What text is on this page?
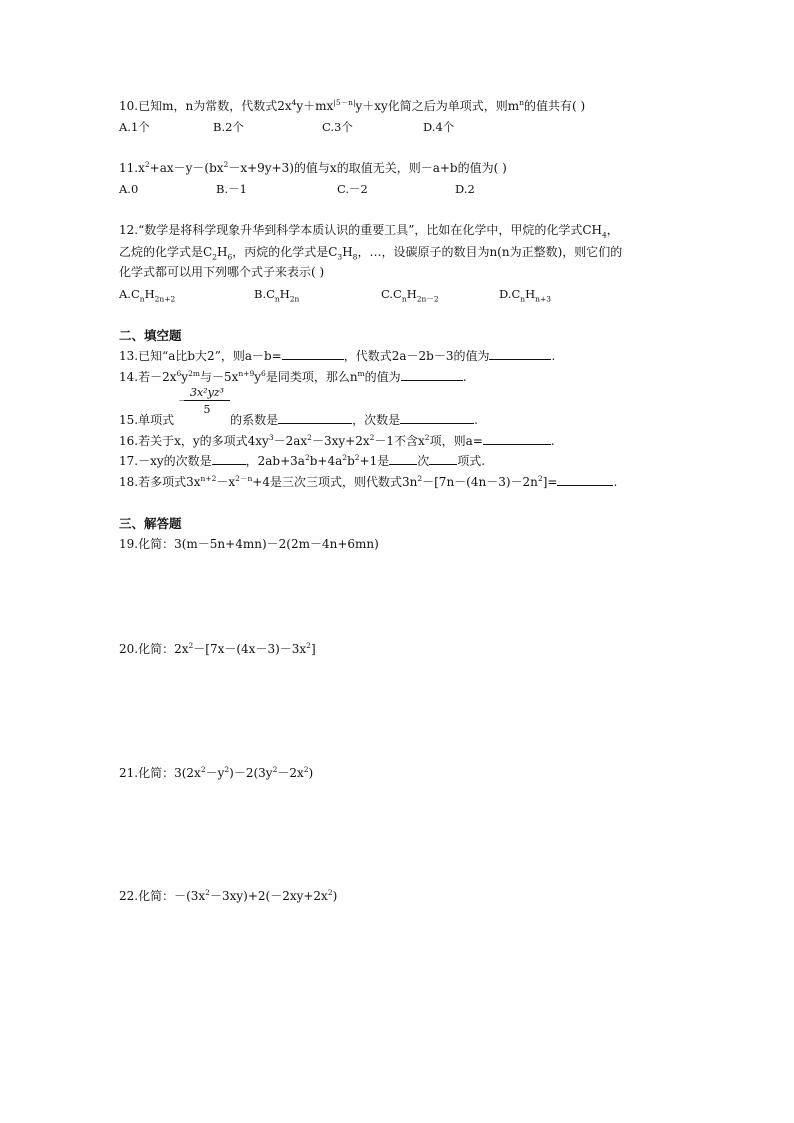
10.已知m，n为常数，代数式$2x^4y+mx^{|5-n|}y+xy$化简之后为单项式，则$m^n$的值共有( )
A.1个	B.2个	C.3个	D.4个
$11.x^2+ax-y-(bx^2-x+9y+3)$的值与x的取值无关，则－a+b的值为( )
A.0	B.－1	C.－2	D.2
12.“数学是将科学现象升华到科学本质认识的重要工具”，比如在化学中，甲烷的化学式$CH_4$，
乙烷的化学式是$C_2H_6$，丙烷的化学式是$C_3H_8$，…，设碳原子的数目为n(n为正整数)，则它们的
化学式都可以用下列哪个式子来表示( )
$A.C_nH_{2n+2}$	$B.C_nH_{2n}$	$C.C_nH_{2n-2}$	$D.C_nH_{n+3}$
二、填空题
13.已知“a比b大2”，则a－b=	，代数式2a－2b－3的值为	.
14.若$-2x^6y^{2m}$与$-5x^{n+9}y^6$是同类项，那么$n^m$的值为	.
－
$\frac{\text{3x²yz³}}{5}$
15.单项式	的系数是	，次数是	.
16.若关于x，y的多项式$4xy^3-2ax^2-3xy+2x^2-1$不含$x^2$项，则a=	.
17.－xy的次数是	，$2ab+3a^2b+4a^2b^2+1$是 次 项式.
18.若多项式$3x^{n+2}-x^{2-n}+4$是三次三项式，则代数式$3n^2-[7n-(4n-3)-2n^2]=$	.
三、解答题
19.化简：3(m－5n+4mn)－2(2m－4n+6mn)
20.化简：$2x^2-[7x-(4x-3)-3x^2]$
21.化简：$3(2x^2-y^2)-2(3y^2-2x^2)$
22.化简：$-(3x^2-3xy)+2(-2xy+2x^2)$
